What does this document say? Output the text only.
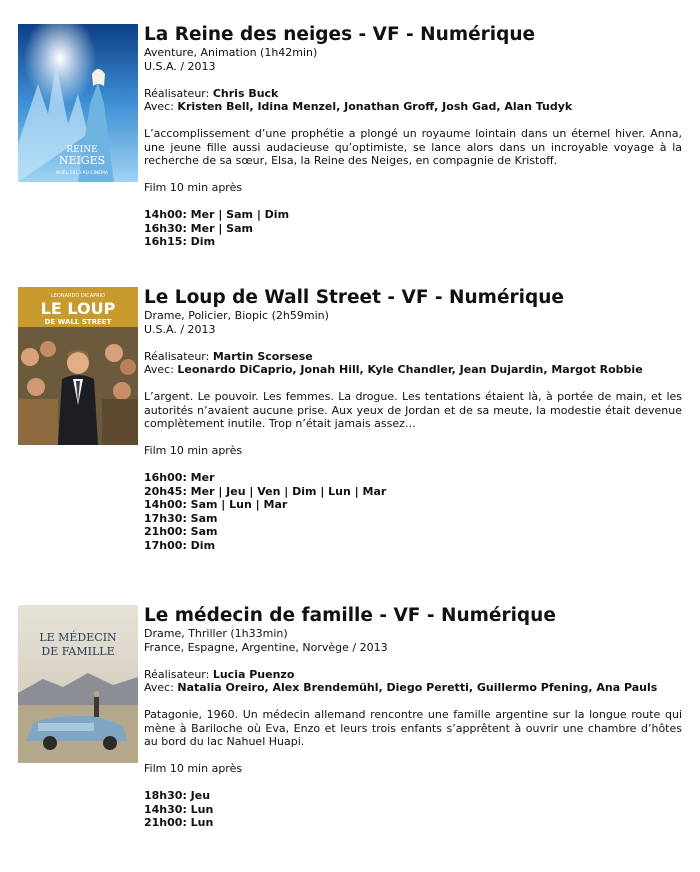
REINE
NEIGES
NOËL 2013 AU CINÉMA
La Reine des neiges - VF - Numérique

Aventure, Animation (1h42min)

U.S.A. / 2013

Réalisateur: Chris Buck

Avec: Kristen Bell, Idina Menzel, Jonathan Groff, Josh Gad, Alan Tudyk

L’accomplissement d’une prophétie a plongé un royaume lointain dans un éternel hiver. Anna, une jeune fille aussi audacieuse qu’optimiste, se lance alors dans un incroyable voyage à la recherche de sa sœur, Elsa, la Reine des Neiges, en compagnie de Kristoff.

Film 10 min après

14h00: Mer | Sam | Dim

16h30: Mer | Sam

16h15: Dim

LEONARDO DICAPRIO
LE LOUP
DE WALL STREET
Le Loup de Wall Street - VF - Numérique

Drame, Policier, Biopic (2h59min)

U.S.A. / 2013

Réalisateur: Martin Scorsese

Avec: Leonardo DiCaprio, Jonah Hill, Kyle Chandler, Jean Dujardin, Margot Robbie

L’argent. Le pouvoir. Les femmes. La drogue. Les tentations étaient là, à portée de main, et les autorités n’avaient aucune prise. Aux yeux de Jordan et de sa meute, la modestie était devenue complètement inutile. Trop n’était jamais assez…

Film 10 min après

16h00: Mer

20h45: Mer | Jeu | Ven | Dim | Lun | Mar

14h00: Sam | Lun | Mar

17h30: Sam

21h00: Sam

17h00: Dim

LE MÉDECIN
DE FAMILLE
Le médecin de famille - VF - Numérique

Drame, Thriller (1h33min)

France, Espagne, Argentine, Norvège / 2013

Réalisateur: Lucia Puenzo

Avec: Natalia Oreiro, Alex Brendemühl, Diego Peretti, Guillermo Pfening, Ana Pauls

Patagonie, 1960. Un médecin allemand rencontre une famille argentine sur la longue route qui mène à Bariloche où Eva, Enzo et leurs trois enfants s’apprêtent à ouvrir une chambre d’hôtes au bord du lac Nahuel Huapi.

Film 10 min après

18h30: Jeu

14h30: Lun

21h00: Lun
